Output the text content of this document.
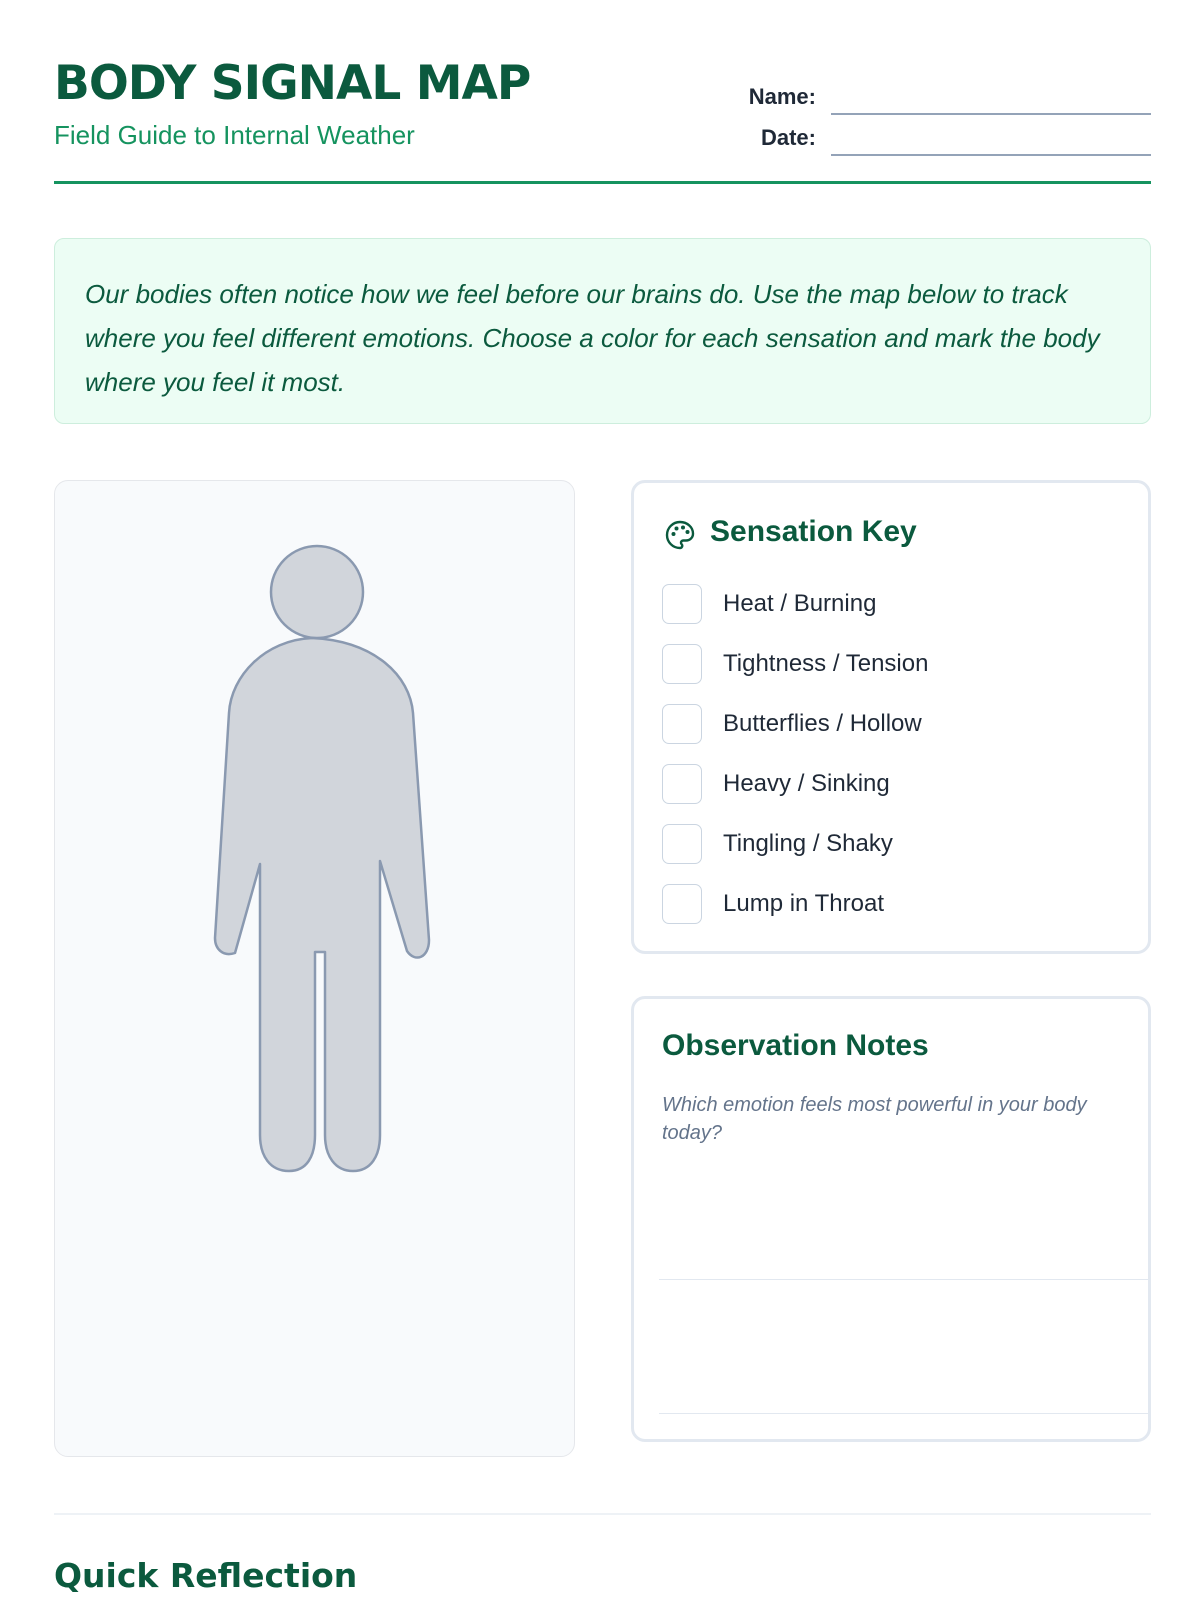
BODY SIGNAL MAP
Field Guide to Internal Weather
Name:
Date:

Our bodies often notice how we feel before our brains do. Use the map below to track where you feel different emotions. Choose a color for each sensation and mark the body where you feel it most.

Sensation Key
Heat / Burning
Tightness / Tension
Butterflies / Hollow
Heavy / Sinking
Tingling / Shaky
Lump in Throat
Observation Notes

Which emotion feels most powerful in your body today?

Quick Reflection
